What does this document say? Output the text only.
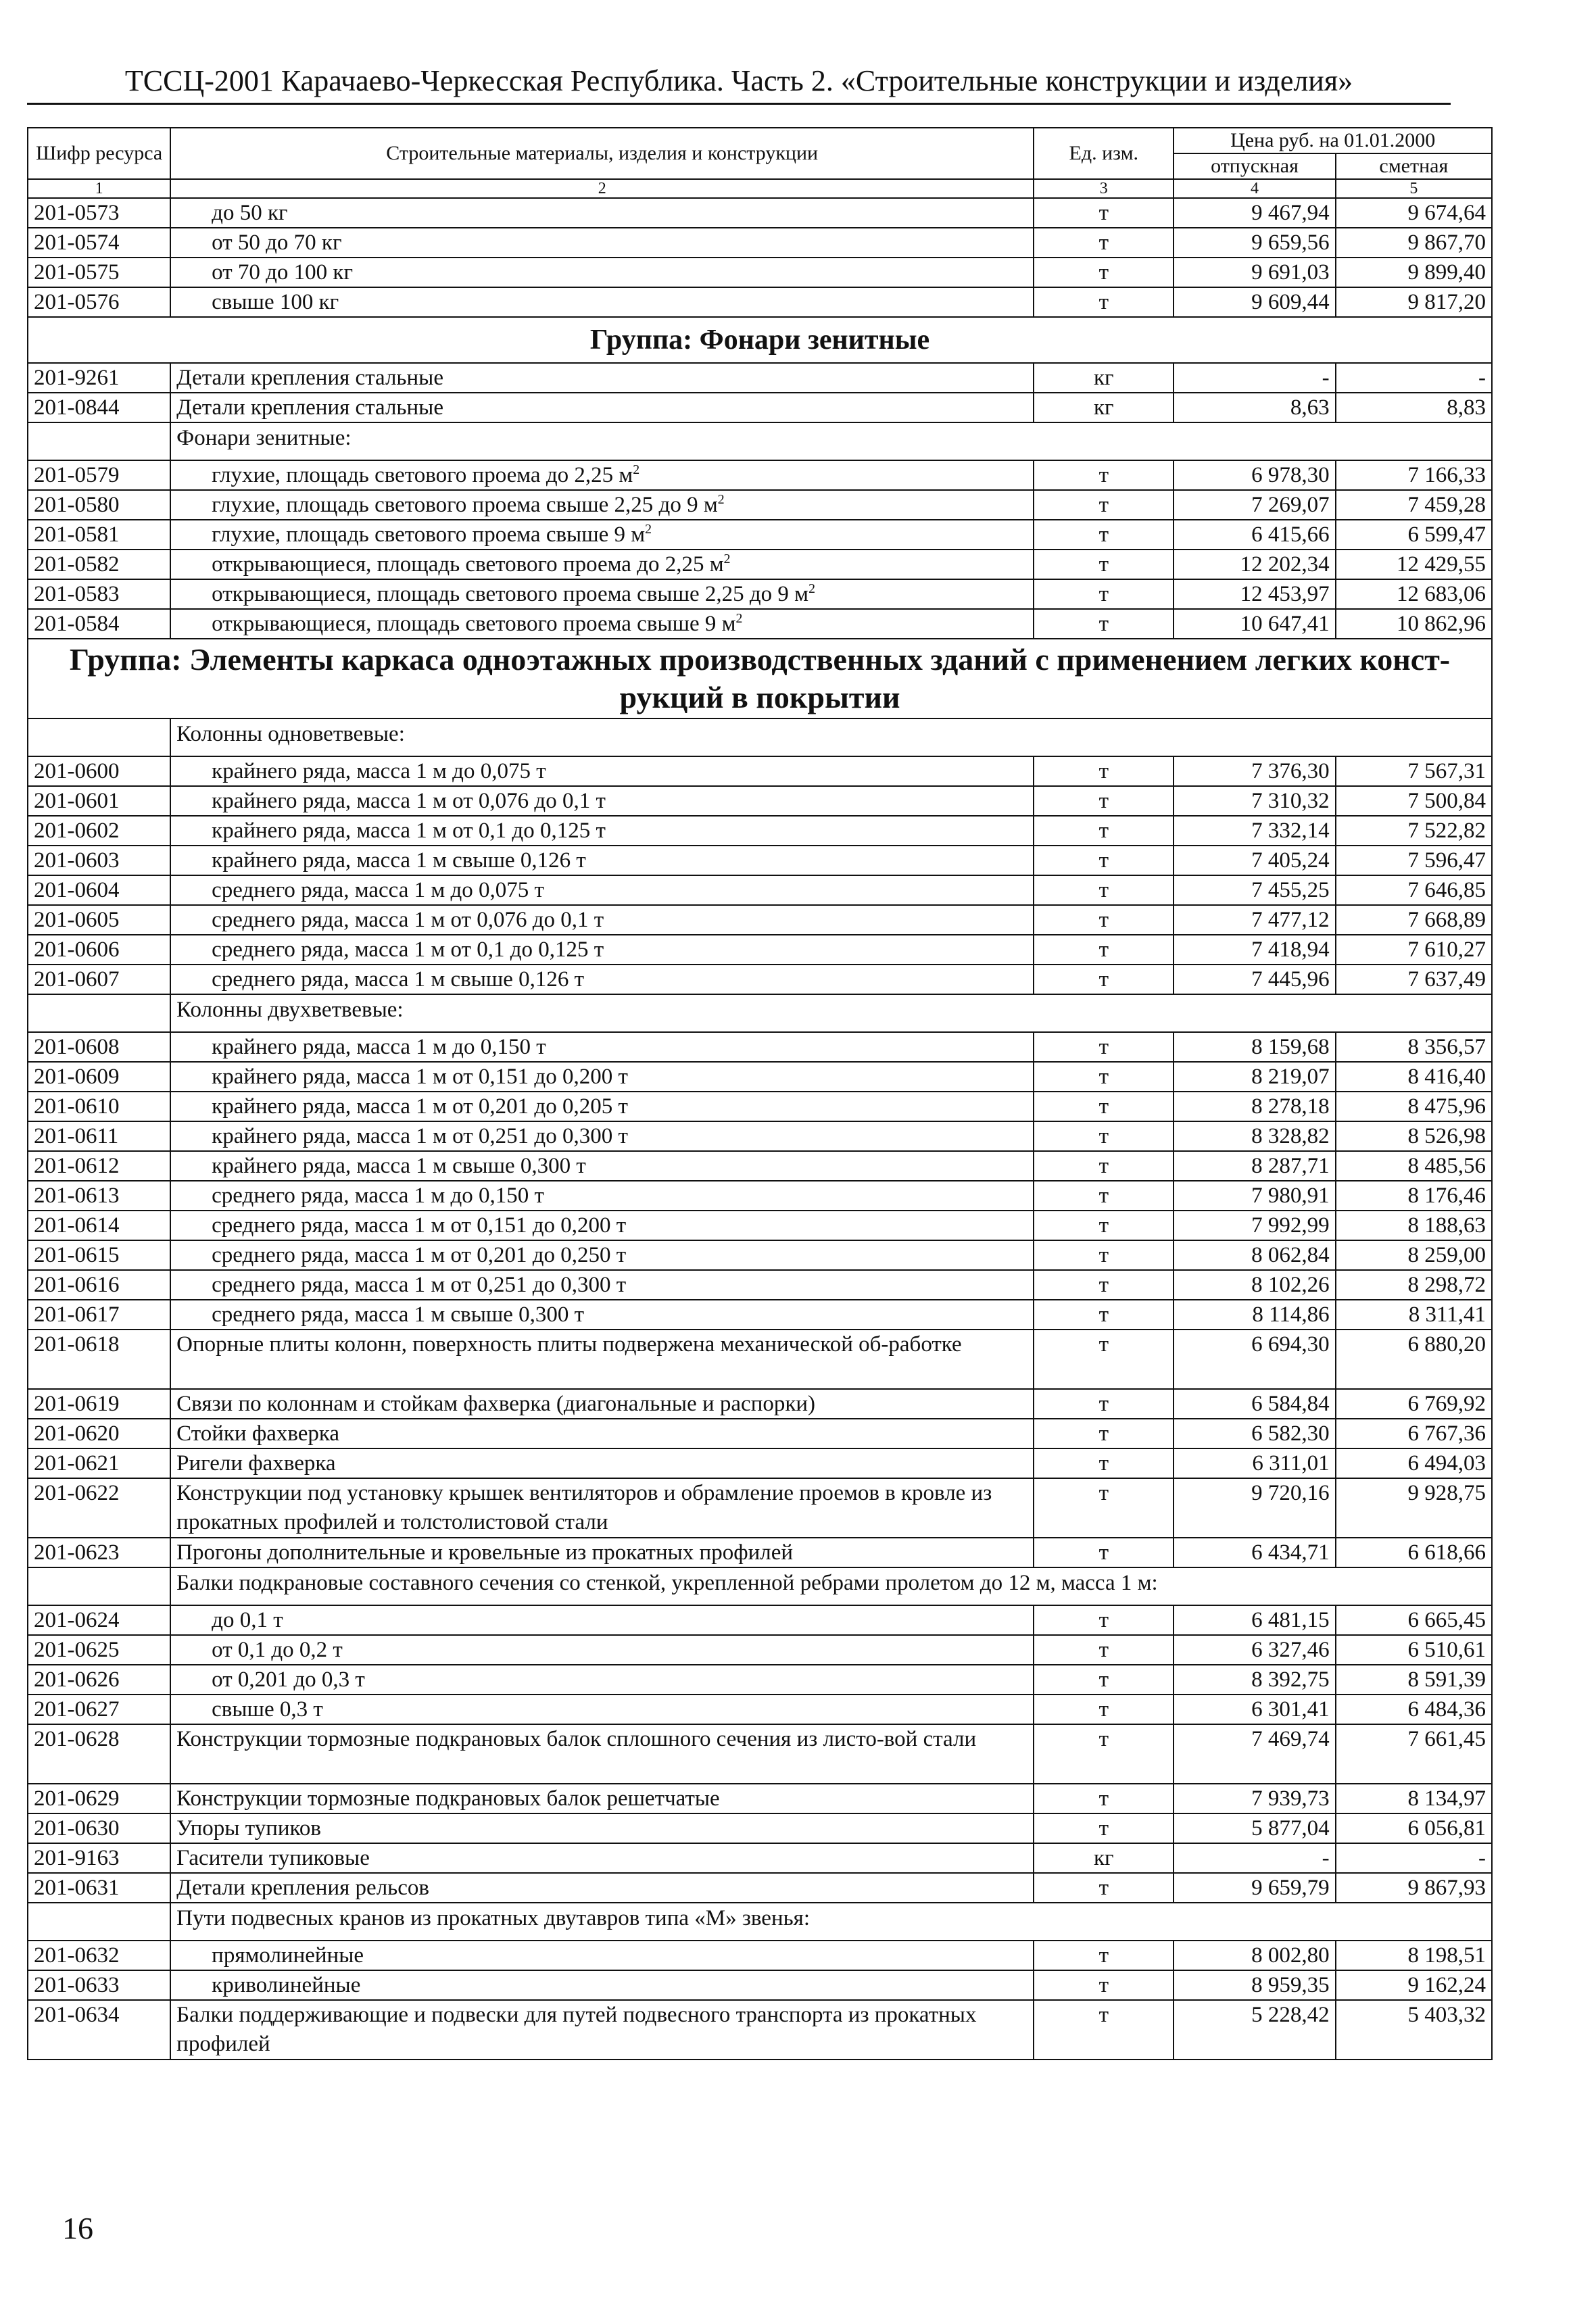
ТССЦ-2001 Карачаево-Черкесская Республика. Часть 2. «Строительные конструкции и изделия»
Шифр ресурса	Строительные материалы, изделия и конструкции	Ед. изм.	Цена руб. на 01.01.2000	
			отпускная	сметная
1	2	3	4	5
201-0573	до 50 кг	т	9 467,94	9 674,64
201-0574	от 50 до 70 кг	т	9 659,56	9 867,70
201-0575	от 70 до 100 кг	т	9 691,03	9 899,40
201-0576	свыше 100 кг	т	9 609,44	9 817,20
Группа: Фонари зенитные				
201-9261	Детали крепления стальные	кг	-	-
201-0844	Детали крепления стальные	кг	8,63	8,83
	Фонари зенитные:			
201-0579	глухие, площадь светового проема до 2,25 $м^2$	т	6 978,30	7 166,33
201-0580	глухие, площадь светового проема свыше 2,25 до 9 $м^2$	т	7 269,07	7 459,28
201-0581	глухие, площадь светового проема свыше 9 $м^2$	т	6 415,66	6 599,47
201-0582	открывающиеся, площадь светового проема до 2,25 $м^2$	т	12 202,34	12 429,55
201-0583	открывающиеся, площадь светового проема свыше 2,25 до 9 $м^2$	т	12 453,97	12 683,06
201-0584	открывающиеся, площадь светового проема свыше 9 $м^2$	т	10 647,41	10 862,96
Группа: Элементы каркаса одноэтажных производственных зданий с применением легких конст-рукций в покрытии				
	Колонны одноветвевые:			
201-0600	крайнего ряда, масса 1 м до 0,075 т	т	7 376,30	7 567,31
201-0601	крайнего ряда, масса 1 м от 0,076 до 0,1 т	т	7 310,32	7 500,84
201-0602	крайнего ряда, масса 1 м от 0,1 до 0,125 т	т	7 332,14	7 522,82
201-0603	крайнего ряда, масса 1 м свыше 0,126 т	т	7 405,24	7 596,47
201-0604	среднего ряда, масса 1 м до 0,075 т	т	7 455,25	7 646,85
201-0605	среднего ряда, масса 1 м от 0,076 до 0,1 т	т	7 477,12	7 668,89
201-0606	среднего ряда, масса 1 м от 0,1 до 0,125 т	т	7 418,94	7 610,27
201-0607	среднего ряда, масса 1 м свыше 0,126 т	т	7 445,96	7 637,49
	Колонны двухветвевые:			
201-0608	крайнего ряда, масса 1 м до 0,150 т	т	8 159,68	8 356,57
201-0609	крайнего ряда, масса 1 м от 0,151 до 0,200 т	т	8 219,07	8 416,40
201-0610	крайнего ряда, масса 1 м от 0,201 до 0,205 т	т	8 278,18	8 475,96
201-0611	крайнего ряда, масса 1 м от 0,251 до 0,300 т	т	8 328,82	8 526,98
201-0612	крайнего ряда, масса 1 м свыше 0,300 т	т	8 287,71	8 485,56
201-0613	среднего ряда, масса 1 м до 0,150 т	т	7 980,91	8 176,46
201-0614	среднего ряда, масса 1 м от 0,151 до 0,200 т	т	7 992,99	8 188,63
201-0615	среднего ряда, масса 1 м от 0,201 до 0,250 т	т	8 062,84	8 259,00
201-0616	среднего ряда, масса 1 м от 0,251 до 0,300 т	т	8 102,26	8 298,72
201-0617	среднего ряда, масса 1 м свыше 0,300 т	т	8 114,86	8 311,41
201-0618	Опорные плиты колонн, поверхность плиты подвержена механической об-работке	т	6 694,30	6 880,20
201-0619	Связи по колоннам и стойкам фахверка (диагональные и распорки)	т	6 584,84	6 769,92
201-0620	Стойки фахверка	т	6 582,30	6 767,36
201-0621	Ригели фахверка	т	6 311,01	6 494,03
201-0622	Конструкции под установку крышек вентиляторов и обрамление проемов в кровле из прокатных профилей и толстолистовой стали	т	9 720,16	9 928,75
201-0623	Прогоны дополнительные и кровельные из прокатных профилей	т	6 434,71	6 618,66
	Балки подкрановые составного сечения со стенкой, укрепленной ребрами пролетом до 12 м, масса 1 м:			
201-0624	до 0,1 т	т	6 481,15	6 665,45
201-0625	от 0,1 до 0,2 т	т	6 327,46	6 510,61
201-0626	от 0,201 до 0,3 т	т	8 392,75	8 591,39
201-0627	свыше 0,3 т	т	6 301,41	6 484,36
201-0628	Конструкции тормозные подкрановых балок сплошного сечения из листо-вой стали	т	7 469,74	7 661,45
201-0629	Конструкции тормозные подкрановых балок решетчатые	т	7 939,73	8 134,97
201-0630	Упоры тупиков	т	5 877,04	6 056,81
201-9163	Гасители тупиковые	кг	-	-
201-0631	Детали крепления рельсов	т	9 659,79	9 867,93
	Пути подвесных кранов из прокатных двутавров типа «М» звенья:			
201-0632	прямолинейные	т	8 002,80	8 198,51
201-0633	криволинейные	т	8 959,35	9 162,24
201-0634	Балки поддерживающие и подвески для путей подвесного транспорта из прокатных профилей	т	5 228,42	5 403,32
16
